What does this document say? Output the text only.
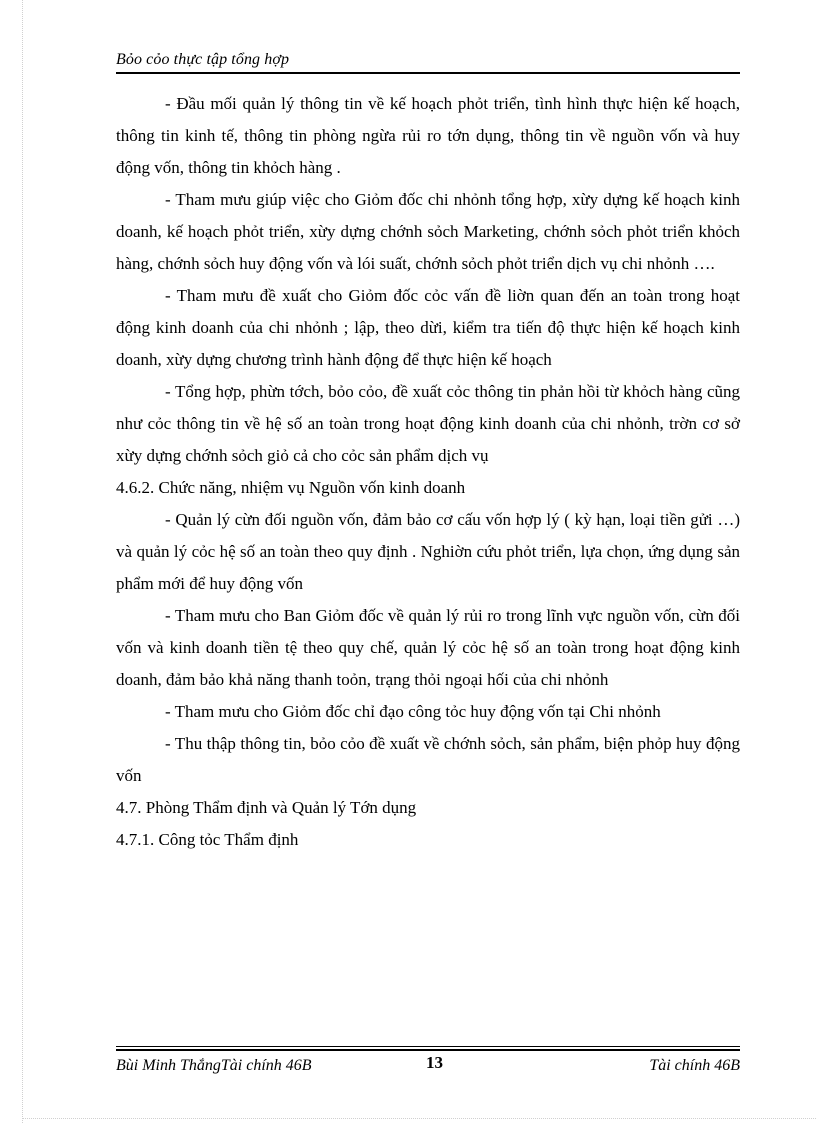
Bỏo cỏo thực tập tổng hợp

- Đầu mối quản lý thông tin về kế hoạch phỏt triển, tình hình thực hiện kế hoạch, thông tin kinh tế, thông tin phòng ngừa rủi ro tớn dụng, thông tin về nguồn vốn và huy động vốn, thông tin khỏch hàng .

- Tham mưu giúp việc cho Giỏm đốc chi nhỏnh tổng hợp, xừy dựng kế hoạch kinh doanh, kế hoạch phỏt triển, xừy dựng chớnh sỏch Marketing, chớnh sỏch phỏt triển khỏch hàng, chớnh sỏch huy động vốn và lói suất, chớnh sỏch phỏt triển dịch vụ chi nhỏnh ….

- Tham mưu đề xuất cho Giỏm đốc cỏc vấn đề liờn quan đến an toàn trong hoạt động kinh doanh của chi nhỏnh ; lập, theo dừi, kiểm tra tiến độ thực hiện kế hoạch kinh doanh, xừy dựng chương trình hành động để thực hiện kế hoạch

- Tổng hợp, phừn tớch, bỏo cỏo, đề xuất cỏc thông tin phản hồi từ khỏch hàng cũng như cỏc thông tin về hệ số an toàn trong hoạt động kinh doanh của chi nhỏnh, trờn cơ sở xừy dựng chớnh sỏch giỏ cả cho cỏc sản phẩm dịch vụ

4.6.2. Chức năng, nhiệm vụ Nguồn vốn kinh doanh

- Quản lý cừn đối nguồn vốn, đảm bảo cơ cấu vốn hợp lý ( kỳ hạn, loại tiền gửi …) và quản lý cỏc hệ số an toàn theo quy định . Nghiờn cứu phỏt triển, lựa chọn, ứng dụng sản phẩm mới để huy động vốn

- Tham mưu cho Ban Giỏm đốc về quản lý rủi ro trong lĩnh vực nguồn vốn, cừn đối vốn và kinh doanh tiền tệ theo quy chế, quản lý cỏc hệ số an toàn trong hoạt động kinh doanh, đảm bảo khả năng thanh toỏn, trạng thỏi ngoại hối của chi nhỏnh

- Tham mưu cho Giỏm đốc chỉ đạo công tỏc huy động vốn tại Chi nhỏnh

- Thu thập thông tin, bỏo cỏo đề xuất về chớnh sỏch, sản phẩm, biện phỏp huy động vốn

4.7. Phòng Thẩm định và Quản lý Tớn dụng

4.7.1. Công tỏc Thẩm định

Bùi Minh ThắngTài chính 46B	13	Tài chính 46B
